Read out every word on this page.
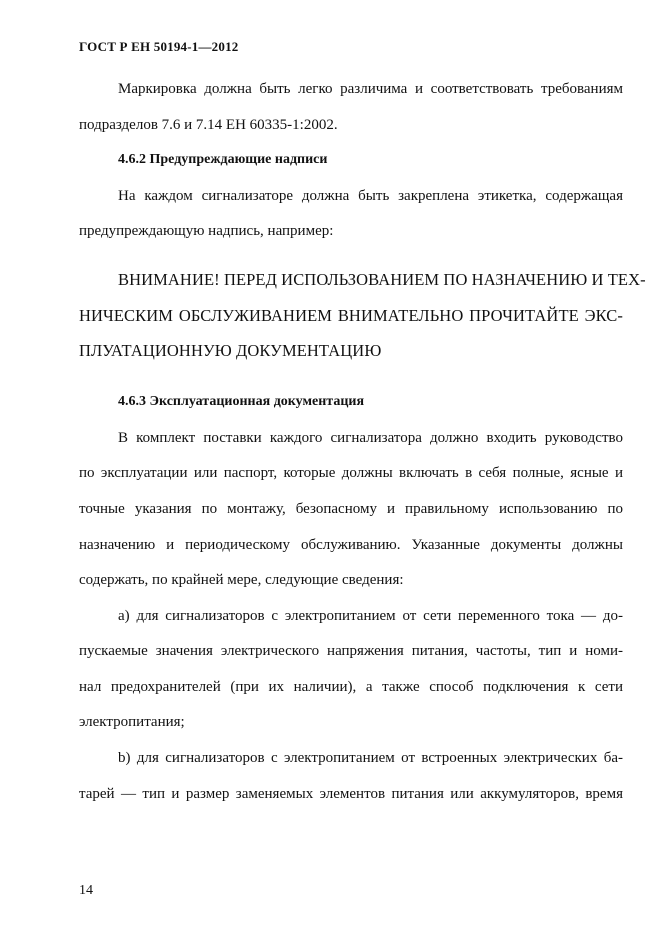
ГОСТ Р ЕН 50194-1—2012
Маркировка должна быть легко различима и соответствовать требованиям
подразделов 7.6 и 7.14 ЕН 60335-1:2002.
4.6.2 Предупреждающие надписи
На каждом сигнализаторе должна быть закреплена этикетка, содержащая
предупреждающую надпись, например:
ВНИМАНИЕ! ПЕРЕД ИСПОЛЬЗОВАНИЕМ ПО НАЗНАЧЕНИЮ И ТЕХ-
НИЧЕСКИМ ОБСЛУЖИВАНИЕМ ВНИМАТЕЛЬНО ПРОЧИТАЙТЕ ЭКС-
ПЛУАТАЦИОННУЮ ДОКУМЕНТАЦИЮ
4.6.3 Эксплуатационная документация
В комплект поставки каждого сигнализатора должно входить руководство
по эксплуатации или паспорт, которые должны включать в себя полные, ясные и
точные указания по монтажу, безопасному и правильному использованию по
назначению и периодическому обслуживанию. Указанные документы должны
содержать, по крайней мере, следующие сведения:
a) для сигнализаторов с электропитанием от сети переменного тока — до-
пускаемые значения электрического напряжения питания, частоты, тип и номи-
нал предохранителей (при их наличии), а также способ подключения к сети
электропитания;
b) для сигнализаторов с электропитанием от встроенных электрических ба-
тарей — тип и размер заменяемых элементов питания или аккумуляторов, время
14
